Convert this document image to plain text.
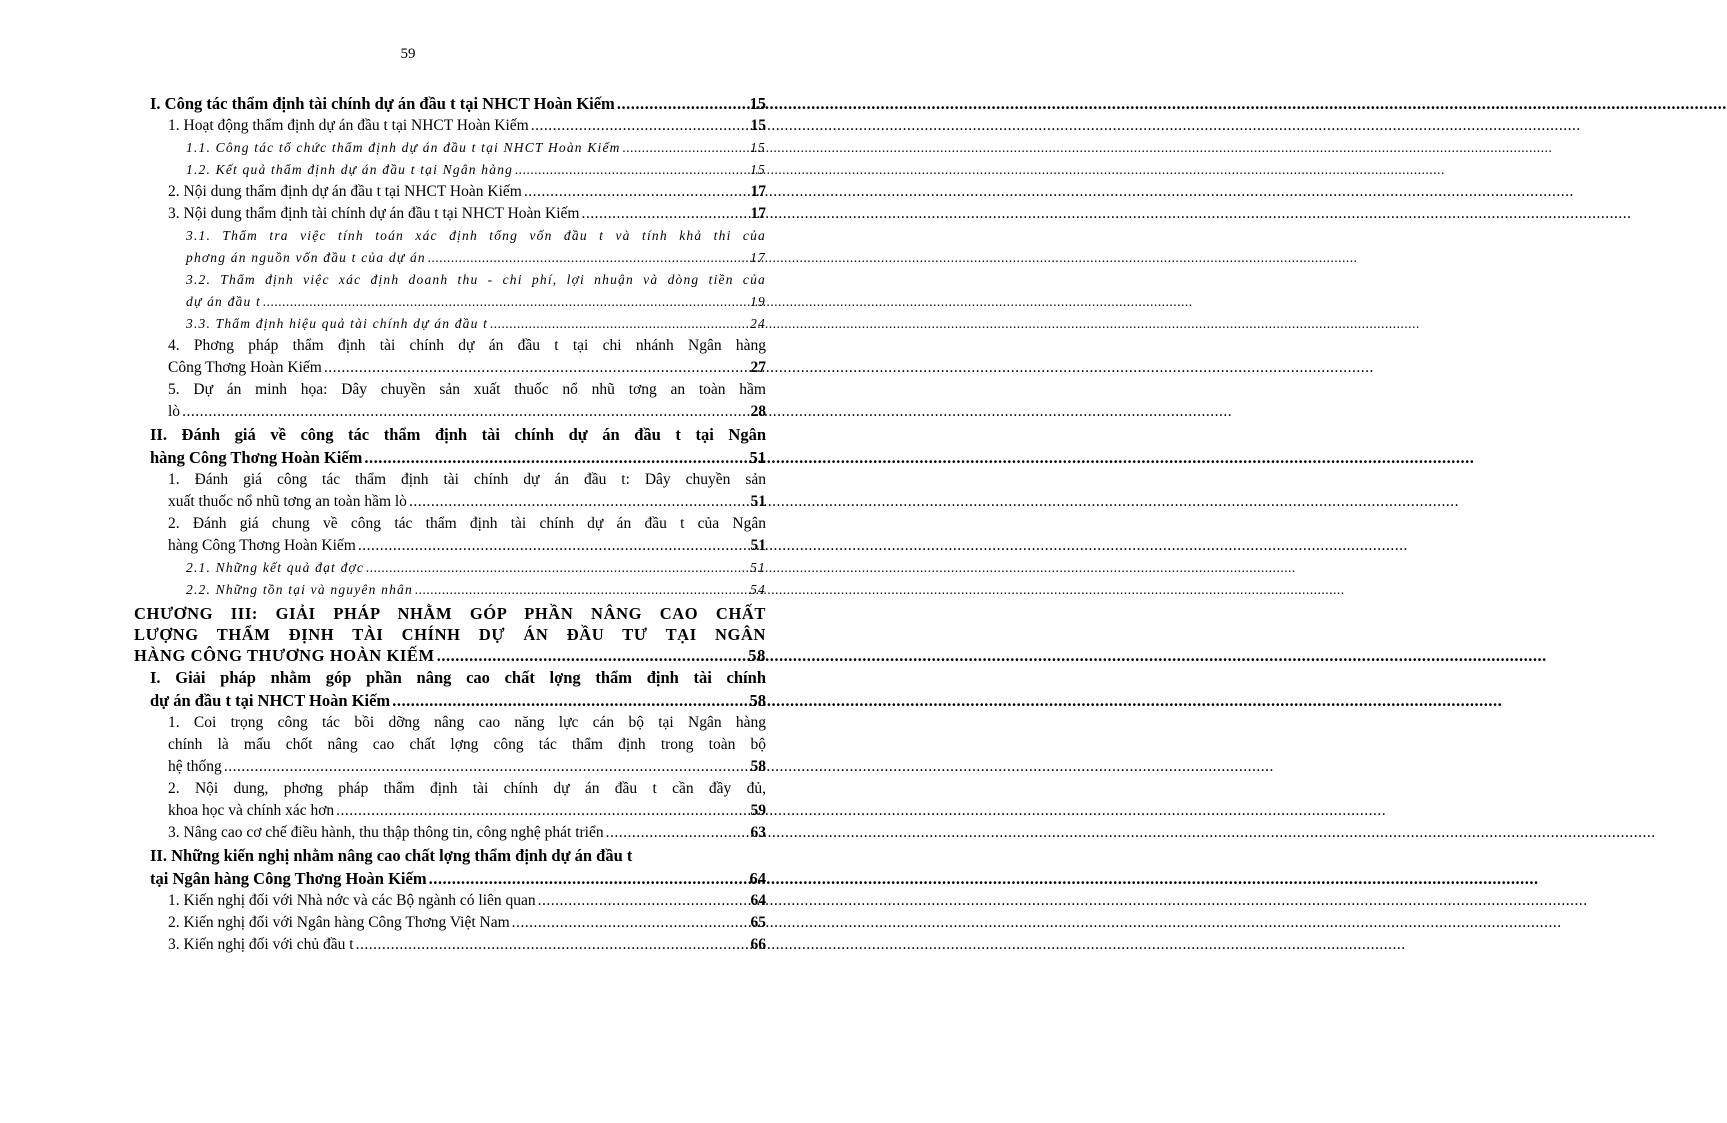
59
I. Công tác thẩm định tài chính dự án đầu t tại NHCT Hoàn Kiếm .....	15
1. Hoạt động thẩm định dự án đầu t tại NHCT Hoàn Kiếm .....	15
1.1. Công tác tổ chức thẩm định dự án đầu t tại NHCT Hoàn Kiếm .....	15
1.2. Kết quả thẩm định dự án đầu t tại Ngân hàng .....	15
2. Nội dung thẩm định dự án đầu t tại NHCT Hoàn Kiếm .....	17
3. Nội dung thẩm định tài chính dự án đầu t tại NHCT Hoàn Kiếm .....	17
3.1. Thẩm tra việc tính toán xác định tổng vốn đầu t và tính khả thi của
phơng án nguồn vốn đầu t của dự án .....	17
3.2. Thẩm định việc xác định doanh thu - chi phí, lợi nhuận và dòng tiền của
dự án đầu t .....	19
3.3. Thẩm định hiệu quả tài chính dự án đầu t .....	24
4. Phơng pháp thẩm định tài chính dự án đầu t tại chi nhánh Ngân hàng
Công Thơng Hoàn Kiếm .....	27
5. Dự án minh họa: Dây chuyền sản xuất thuốc nổ nhũ tơng an toàn hầm
lò .....	28
II. Đánh giá về công tác thẩm định tài chính dự án đầu t tại Ngân
hàng Công Thơng Hoàn Kiếm .....	51
1. Đánh giá công tác thẩm định tài chính dự án đầu t: Dây chuyền sản
xuất thuốc nổ nhũ tơng an toàn hầm lò .....	51
2. Đánh giá chung về công tác thẩm định tài chính dự án đầu t của Ngân
hàng Công Thơng Hoàn Kiếm .....	51
2.1. Những kết quả đạt đợc .....	51
2.2. Những tồn tại và nguyên nhân .....	54
CHƯƠNG III: GIẢI PHÁP NHẰM GÓP PHẦN NÂNG CAO CHẤT
LƯỢNG THẨM ĐỊNH TÀI CHÍNH DỰ ÁN ĐẦU TƯ TẠI NGÂN
HÀNG CÔNG THƯƠNG HOÀN KIẾM .....	58
I. Giải pháp nhằm góp phần nâng cao chất lợng thẩm định tài chính
dự án đầu t tại NHCT Hoàn Kiếm .....	58
1. Coi trọng công tác bồi dỡng nâng cao năng lực cán bộ tại Ngân hàng
chính là mấu chốt nâng cao chất lợng công tác thẩm định trong toàn bộ
hệ thống .....	58
2. Nội dung, phơng pháp thẩm định tài chính dự án đầu t cần đầy đủ,
khoa học và chính xác hơn .....	59
3. Nâng cao cơ chế điều hành, thu thập thông tin, công nghệ phát triển .....	63
II. Những kiến nghị nhằm nâng cao chất lợng thẩm định dự án đầu t
tại Ngân hàng Công Thơng Hoàn Kiếm .....	64
1. Kiến nghị đối với Nhà nớc và các Bộ ngành có liên quan .....	64
2. Kiến nghị đối với Ngân hàng Công Thơng Việt Nam .....	65
3. Kiến nghị đối với chủ đầu t .....	66
